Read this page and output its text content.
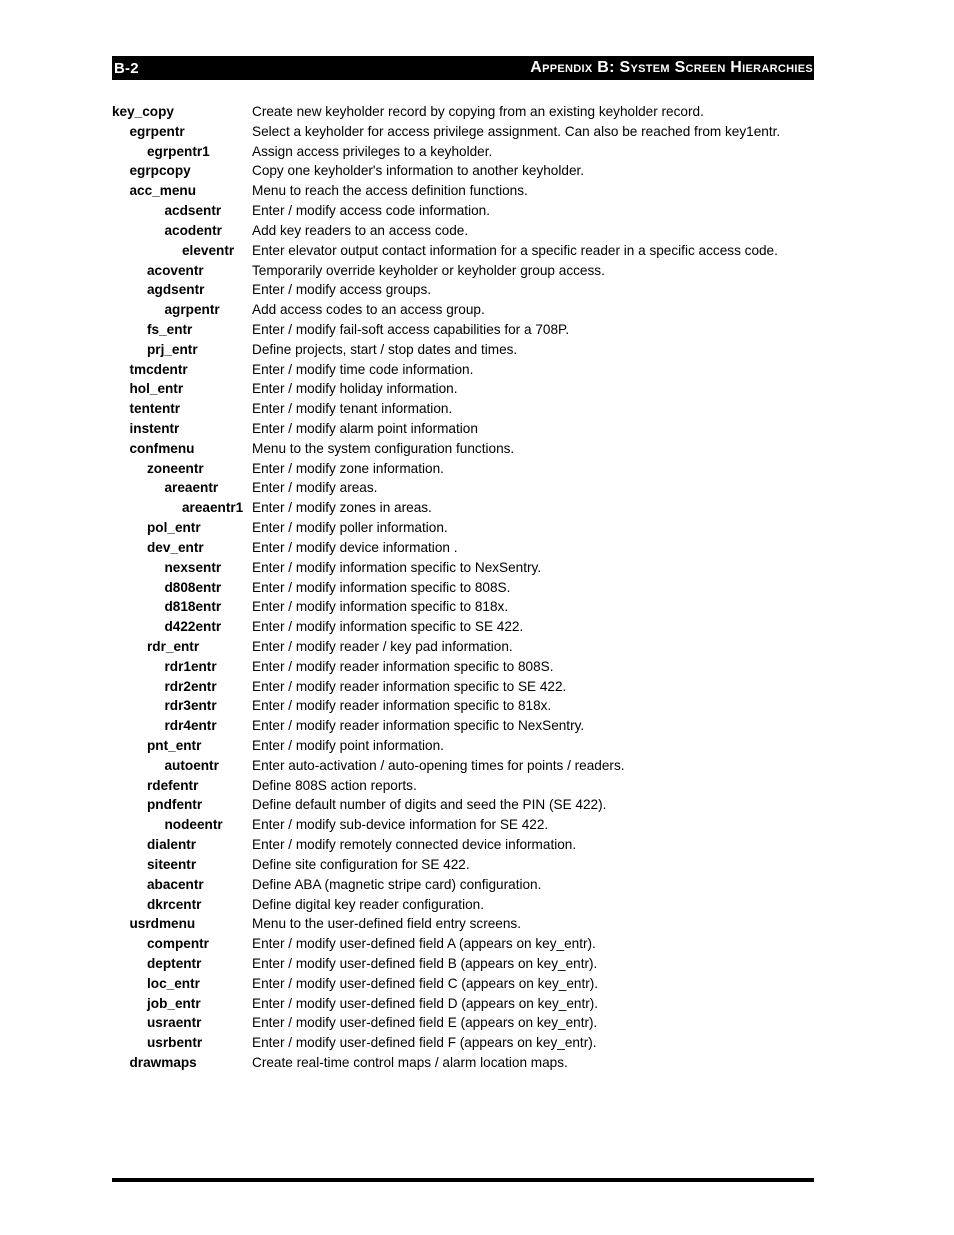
B-2	Appendix B: System Screen Hierarchies
key_copy	Create new keyholder record by copying from an existing keyholder record.
egrpentr	Select a keyholder for access privilege assignment. Can also be reached from key1entr.
egrpentr1	Assign access privileges to a keyholder.
egrpcopy	Copy one keyholder's information to another keyholder.
acc_menu	Menu to reach the access definition functions.
acdsentr Enter / modify access code information.
acodentr Add key readers to an access code.
eleventr Enter elevator output contact information for a specific reader in a specific access code.
acoventr	Temporarily override keyholder or keyholder group access.
agdsentr	Enter / modify access groups.
agrpentr Add access codes to an access group.
fs_entr	Enter / modify fail-soft access capabilities for a 708P.
prj_entr	Define projects, start / stop dates and times.
tmcdentr	Enter / modify time code information.
hol_entr	Enter / modify holiday information.
tententr	Enter / modify tenant information.
instentr	Enter / modify alarm point information
confmenu	Menu to the system configuration functions.
zoneentr	Enter / modify zone information.
areaentr Enter / modify areas.
areaentr1 Enter / modify zones in areas.
pol_entr	Enter / modify poller information.
dev_entr	Enter / modify device information .
nexsentr Enter / modify information specific to NexSentry.
d808entr Enter / modify information specific to 808S.
d818entr Enter / modify information specific to 818x.
d422entr Enter / modify information specific to SE 422.
rdr_entr	Enter / modify reader / key pad information.
rdr1entr	Enter / modify reader information specific to 808S.
rdr2entr	Enter / modify reader information specific to SE 422.
rdr3entr	Enter / modify reader information specific to 818x.
rdr4entr	Enter / modify reader information specific to NexSentry.
pnt_entr	Enter / modify point information.
autoentr Enter auto-activation / auto-opening times for points / readers.
rdefentr	Define 808S action reports.
pndfentr	Define default number of digits and seed the PIN (SE 422).
nodeentr Enter / modify sub-device information for SE 422.
dialentr	Enter / modify remotely connected device information.
siteentr	Define site configuration for SE 422.
abacentr	Define ABA (magnetic stripe card) configuration.
dkrcentr	Define digital key reader configuration.
usrdmenu	Menu to the user-defined field entry screens.
compentr	Enter / modify user-defined field A (appears on key_entr).
deptentr	Enter / modify user-defined field B (appears on key_entr).
loc_entr	Enter / modify user-defined field C (appears on key_entr).
job_entr	Enter / modify user-defined field D (appears on key_entr).
usraentr	Enter / modify user-defined field E (appears on key_entr).
usrbentr	Enter / modify user-defined field F (appears on key_entr).
drawmaps	Create real-time control maps / alarm location maps.
